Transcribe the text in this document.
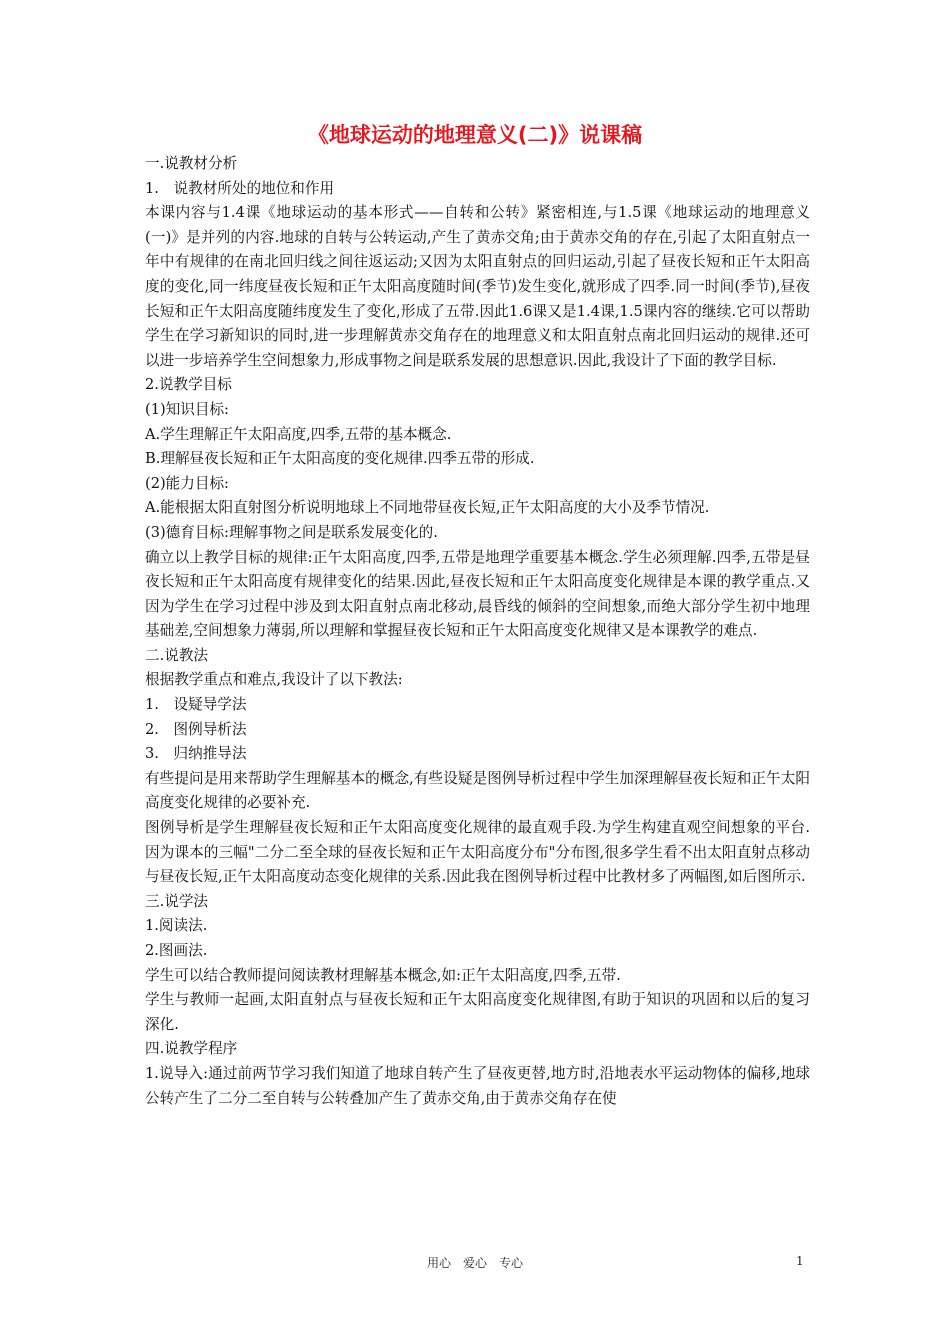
《地球运动的地理意义(二)》说课稿

一.说教材分析

1.　说教材所处的地位和作用

本课内容与1.4课《地球运动的基本形式——自转和公转》紧密相连,与1.5课《地球运动的地理意义(一)》是并列的内容.地球的自转与公转运动,产生了黄赤交角;由于黄赤交角的存在,引起了太阳直射点一年中有规律的在南北回归线之间往返运动;又因为太阳直射点的回归运动,引起了昼夜长短和正午太阳高度的变化,同一纬度昼夜长短和正午太阳高度随时间(季节)发生变化,就形成了四季.同一时间(季节),昼夜长短和正午太阳高度随纬度发生了变化,形成了五带.因此1.6课又是1.4课,1.5课内容的继续.它可以帮助学生在学习新知识的同时,进一步理解黄赤交角存在的地理意义和太阳直射点南北回归运动的规律.还可以进一步培养学生空间想象力,形成事物之间是联系发展的思想意识.因此,我设计了下面的教学目标.

2.说教学目标

(1)知识目标:

A.学生理解正午太阳高度,四季,五带的基本概念.

B.理解昼夜长短和正午太阳高度的变化规律.四季五带的形成.

(2)能力目标:

A.能根据太阳直射图分析说明地球上不同地带昼夜长短,正午太阳高度的大小及季节情况.

(3)德育目标:理解事物之间是联系发展变化的.

确立以上教学目标的规律:正午太阳高度,四季,五带是地理学重要基本概念.学生必须理解.四季,五带是昼夜长短和正午太阳高度有规律变化的结果.因此,昼夜长短和正午太阳高度变化规律是本课的教学重点.又因为学生在学习过程中涉及到太阳直射点南北移动,晨昏线的倾斜的空间想象,而绝大部分学生初中地理基础差,空间想象力薄弱,所以理解和掌握昼夜长短和正午太阳高度变化规律又是本课教学的难点.

二.说教法

根据教学重点和难点,我设计了以下教法:

1.　设疑导学法

2.　图例导析法

3.　归纳推导法

有些提问是用来帮助学生理解基本的概念,有些设疑是图例导析过程中学生加深理解昼夜长短和正午太阳高度变化规律的必要补充.

图例导析是学生理解昼夜长短和正午太阳高度变化规律的最直观手段.为学生构建直观空间想象的平台.因为课本的三幅"二分二至全球的昼夜长短和正午太阳高度分布"分布图,很多学生看不出太阳直射点移动与昼夜长短,正午太阳高度动态变化规律的关系.因此我在图例导析过程中比教材多了两幅图,如后图所示.

三.说学法

1.阅读法.

2.图画法.

学生可以结合教师提问阅读教材理解基本概念,如:正午太阳高度,四季,五带.

学生与教师一起画,太阳直射点与昼夜长短和正午太阳高度变化规律图,有助于知识的巩固和以后的复习深化.

四.说教学程序

1.说导入:通过前两节学习我们知道了地球自转产生了昼夜更替,地方时,沿地表水平运动物体的偏移,地球公转产生了二分二至自转与公转叠加产生了黄赤交角,由于黄赤交角存在使

用心　爱心　专心	1
